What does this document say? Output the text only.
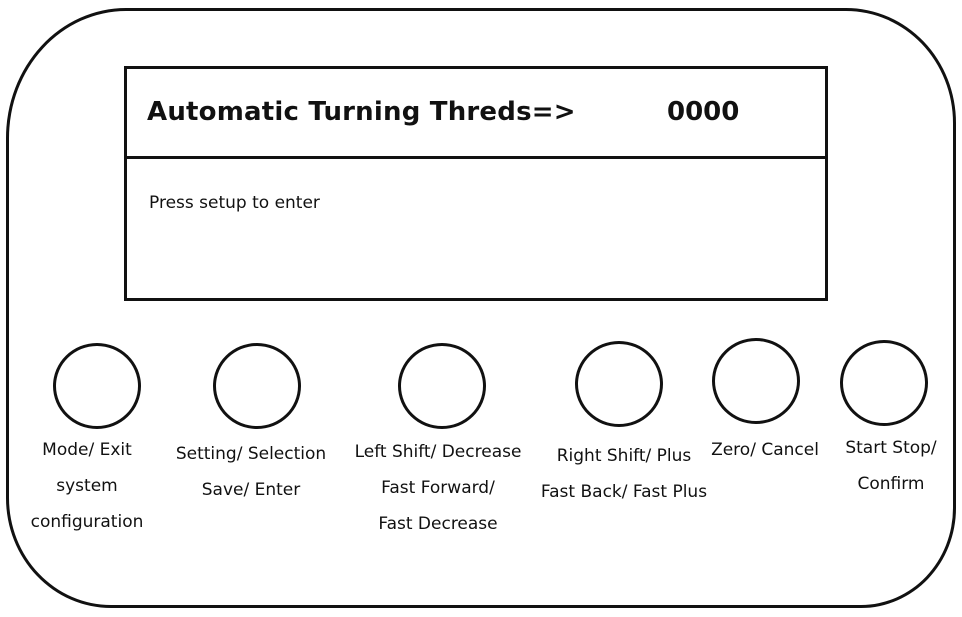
Automatic Turning Threds=>	0000
Press setup to enter
Mode/ Exit
system
configuration
Setting/ Selection
Save/ Enter
Left Shift/ Decrease
Fast Forward/
Fast Decrease
Right Shift/ Plus
Fast Back/ Fast Plus
Zero/ Cancel	Start Stop/
Confirm
